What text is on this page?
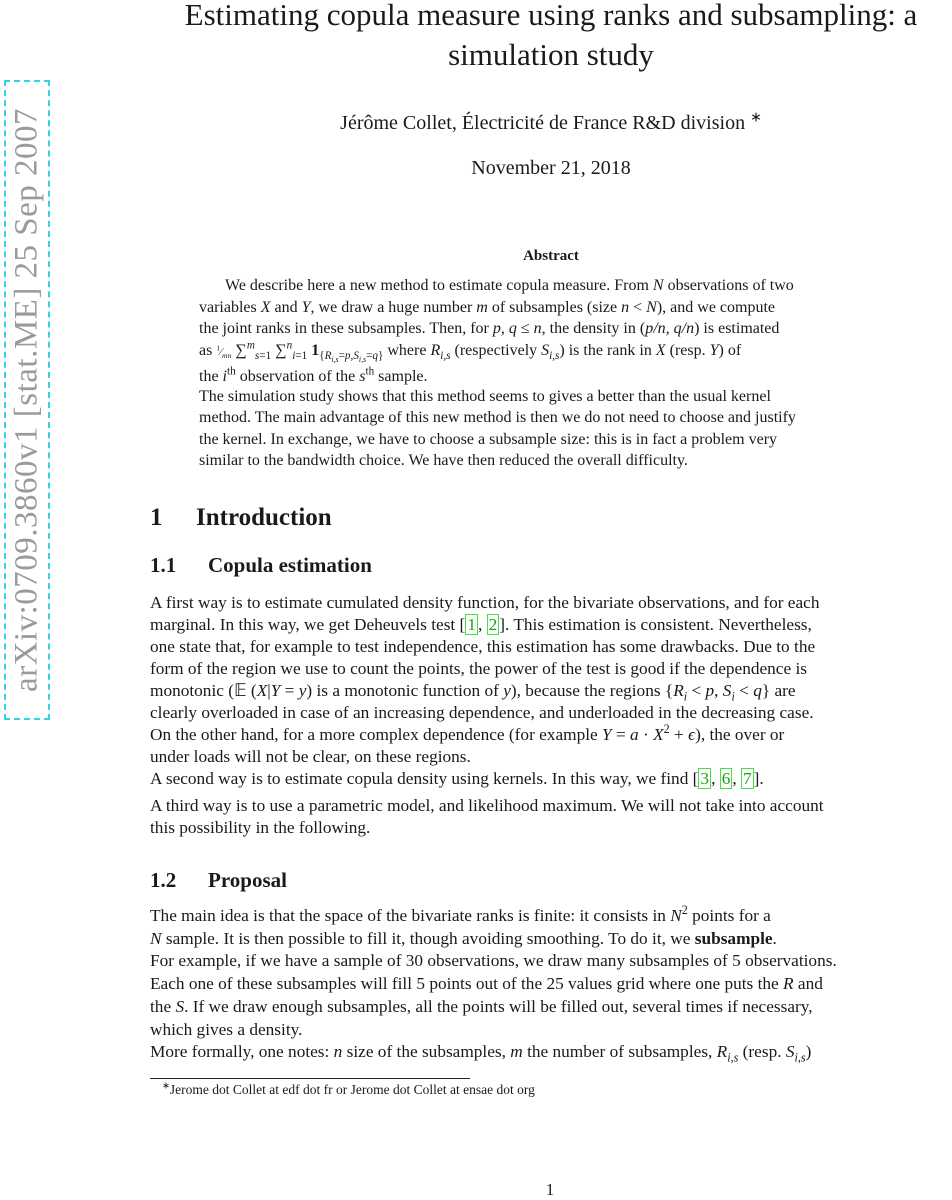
arXiv:0709.3860v1 [stat.ME] 25 Sep 2007
Estimating copula measure using ranks and subsampling: a
simulation study
Jérôme Collet, Électricité de France R&D division ∗
November 21, 2018
Abstract
We describe here a new method to estimate copula measure. From N observations of two
variables X and Y, we draw a huge number m of subsamples (size n < N), and we compute
the joint ranks in these subsamples. Then, for p, q ≤ n, the density in (p/n, q/n) is estimated
as $^1⁄_{mn}$ ∑$^m_{s=1}$ ∑$^n_{i=1}$ $1_{\{R_{i,s}=p,S_{i,s}=q\}}$ where $R_{i,s}$ (respectively $S_{i,s}$) is the rank in X (resp. Y) of
the $i^{th}$ observation of the $s^{th}$ sample.
The simulation study shows that this method seems to gives a better than the usual kernel
method. The main advantage of this new method is then we do not need to choose and justify
the kernel. In exchange, we have to choose a subsample size: this is in fact a problem very
similar to the bandwidth choice. We have then reduced the overall difficulty.
1 Introduction
1.1 Copula estimation
A first way is to estimate cumulated density function, for the bivariate observations, and for each
marginal. In this way, we get Deheuvels test [ 1 , 2 ]. This estimation is consistent. Nevertheless,
one state that, for example to test independence, this estimation has some drawbacks. Due to the
form of the region we use to count the points, the power of the test is good if the dependence is
monotonic (𝔼 (X|Y = y) is a monotonic function of y), because the regions {$R_i < p$, $S_i < q$} are
clearly overloaded in case of an increasing dependence, and underloaded in the decreasing case.
On the other hand, for a more complex dependence (for example $Y = a \cdot X^2 + \epsilon$), the over or
under loads will not be clear, on these regions.
A second way is to estimate copula density using kernels. In this way, we find [ 3 , 6 , 7 ].
A third way is to use a parametric model, and likelihood maximum. We will not take into account
this possibility in the following.
1.2 Proposal
The main idea is that the space of the bivariate ranks is finite: it consists in $N^2$ points for a
N sample. It is then possible to fill it, though avoiding smoothing. To do it, we subsample.
For example, if we have a sample of 30 observations, we draw many subsamples of 5 observations.
Each one of these subsamples will fill 5 points out of the 25 values grid where one puts the R and
the S. If we draw enough subsamples, all the points will be filled out, several times if necessary,
which gives a density.
More formally, one notes: n size of the subsamples, m the number of subsamples, $R_{i,s}$ (resp. $S_{i,s}$)
∗Jerome dot Collet at edf dot fr or Jerome dot Collet at ensae dot org
1
